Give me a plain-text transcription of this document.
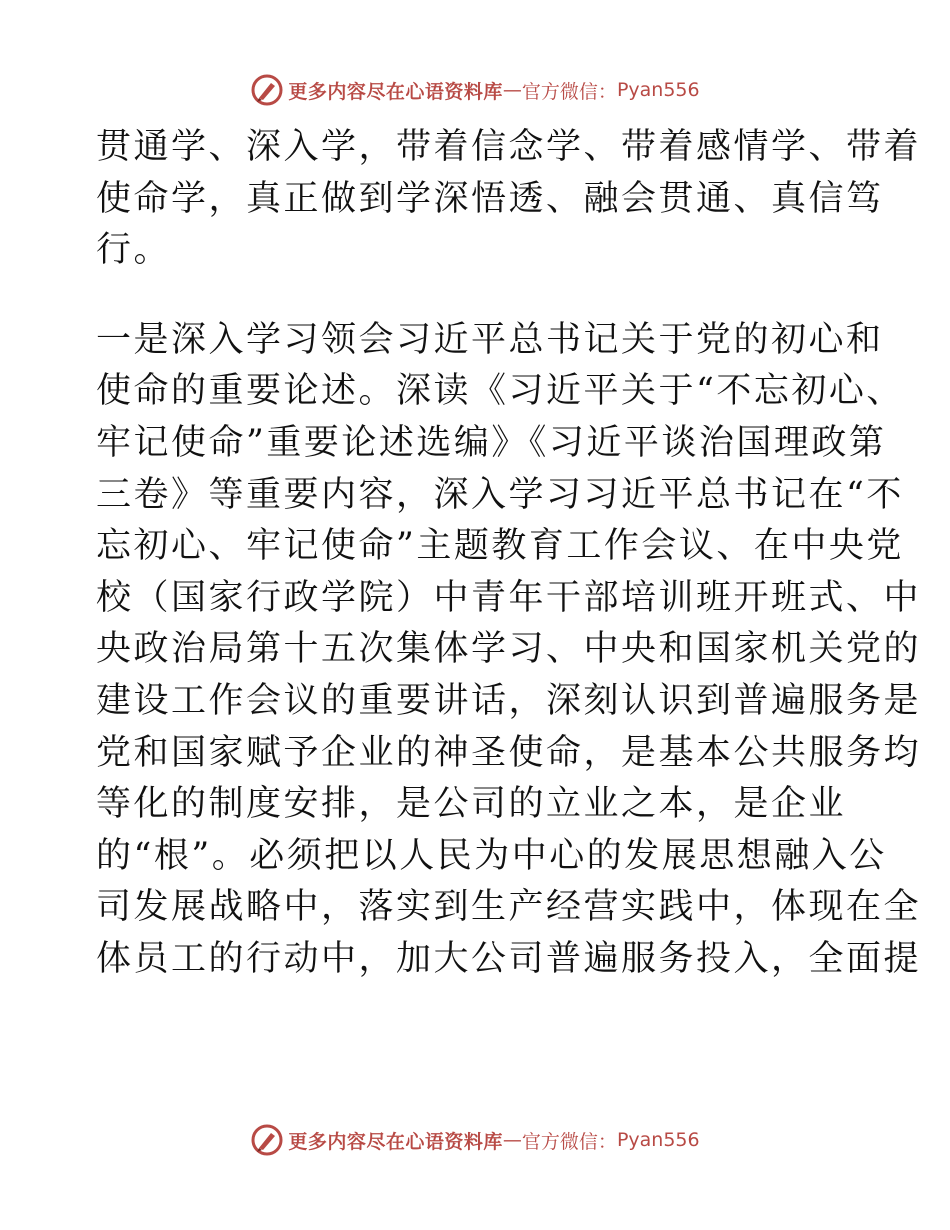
更多内容尽在心语资料库 — 官方微信： Pyan556
贯通学、深入学，带着信念学、带着感情学、带着
使命学，真正做到学深悟透、融会贯通、真信笃
行。
一是深入学习领会习近平总书记关于党的初心和
使命的重要论述。深读《习近平关于“不忘初心、
牢记使命”重要论述选编》《习近平谈治国理政第
三卷》等重要内容，深入学习习近平总书记在“不
忘初心、牢记使命”主题教育工作会议、在中央党
校（国家行政学院）中青年干部培训班开班式、中
央政治局第十五次集体学习、中央和国家机关党的
建设工作会议的重要讲话，深刻认识到普遍服务是
党和国家赋予企业的神圣使命，是基本公共服务均
等化的制度安排，是公司的立业之本，是企业
的“根”。必须把以人民为中心的发展思想融入公
司发展战略中，落实到生产经营实践中，体现在全
体员工的行动中，加大公司普遍服务投入，全面提
更多内容尽在心语资料库 — 官方微信： Pyan556
